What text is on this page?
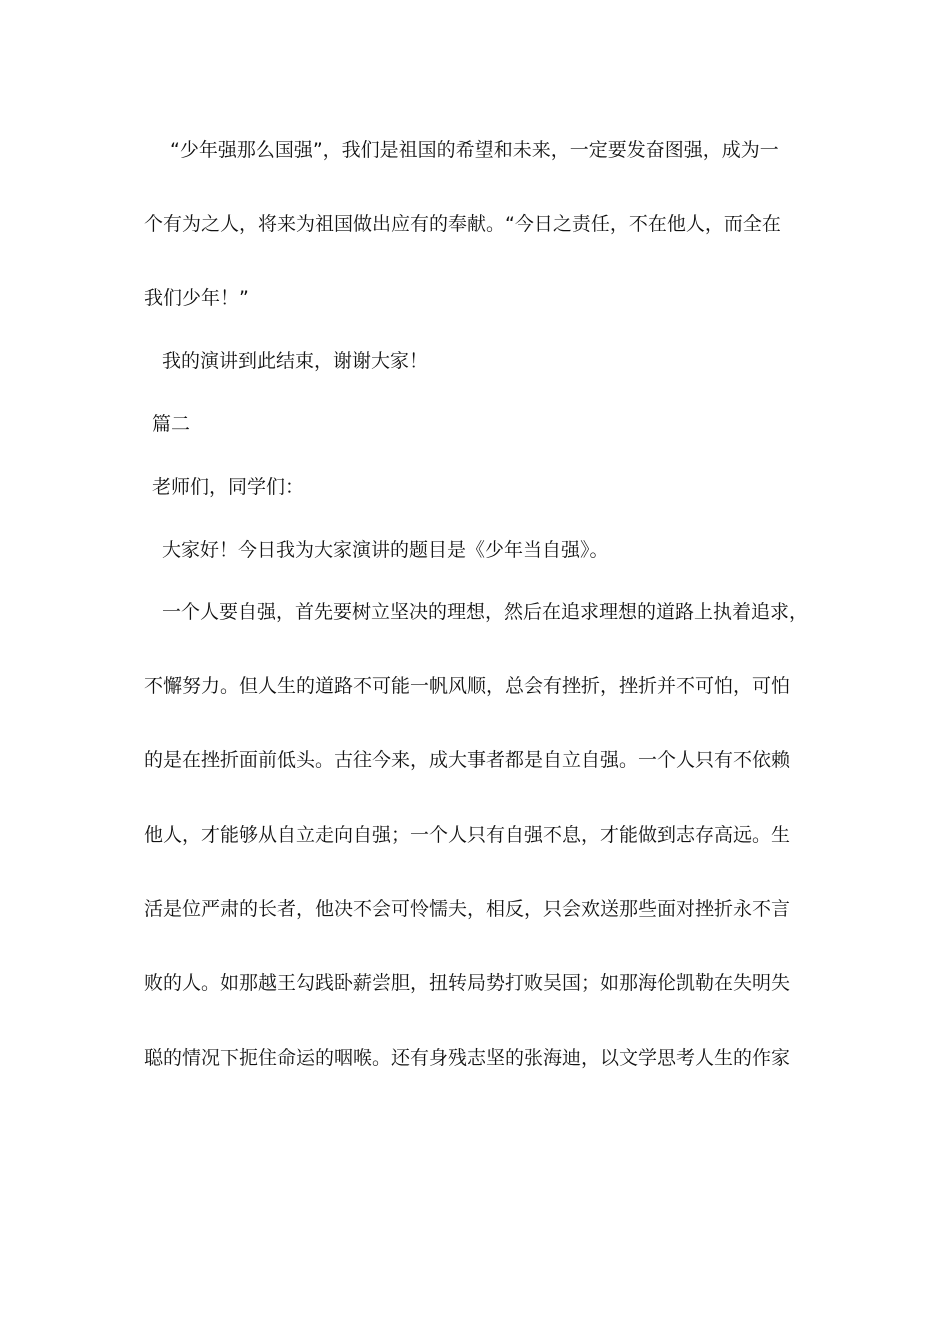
“少年强那么国强”，我们是祖国的希望和未来，一定要发奋图强，成为一
个有为之人，将来为祖国做出应有的奉献。“今日之责任，不在他人，而全在
我们少年！”
我的演讲到此结束，谢谢大家！
篇二
老师们，同学们：
大家好！今日我为大家演讲的题目是《少年当自强》。
一个人要自强，首先要树立坚决的理想，然后在追求理想的道路上执着追求，
不懈努力。但人生的道路不可能一帆风顺，总会有挫折，挫折并不可怕，可怕
的是在挫折面前低头。古往今来，成大事者都是自立自强。一个人只有不依赖
他人，才能够从自立走向自强；一个人只有自强不息，才能做到志存高远。生
活是位严肃的长者，他决不会可怜懦夫，相反，只会欢送那些面对挫折永不言
败的人。如那越王勾践卧薪尝胆，扭转局势打败吴国；如那海伦凯勒在失明失
聪的情况下扼住命运的咽喉。还有身残志坚的张海迪，以文学思考人生的作家
